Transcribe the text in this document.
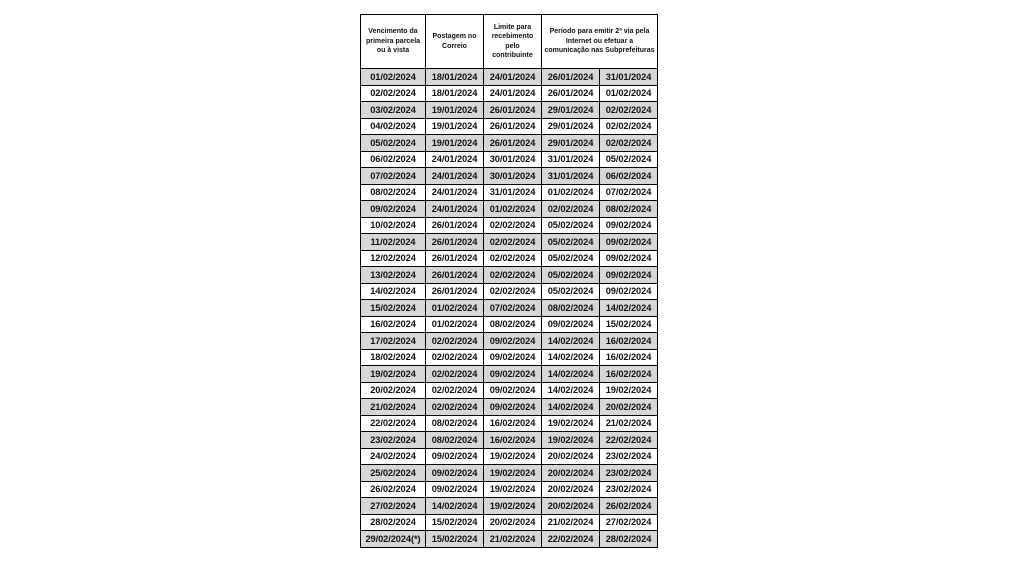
Vencimento da primeira parcela ou à vista	Postagem no Correio	Limite para recebimento pelo contribuinte	Período para emitir 2ª via pela Internet ou efetuar a comunicação nas Subprefeituras	

01/02/2024	18/01/2024	24/01/2024	26/01/2024	31/01/2024
02/02/2024	18/01/2024	24/01/2024	26/01/2024	01/02/2024
03/02/2024	19/01/2024	26/01/2024	29/01/2024	02/02/2024
04/02/2024	19/01/2024	26/01/2024	29/01/2024	02/02/2024
05/02/2024	19/01/2024	26/01/2024	29/01/2024	02/02/2024
06/02/2024	24/01/2024	30/01/2024	31/01/2024	05/02/2024
07/02/2024	24/01/2024	30/01/2024	31/01/2024	06/02/2024
08/02/2024	24/01/2024	31/01/2024	01/02/2024	07/02/2024
09/02/2024	24/01/2024	01/02/2024	02/02/2024	08/02/2024
10/02/2024	26/01/2024	02/02/2024	05/02/2024	09/02/2024
11/02/2024	26/01/2024	02/02/2024	05/02/2024	09/02/2024
12/02/2024	26/01/2024	02/02/2024	05/02/2024	09/02/2024
13/02/2024	26/01/2024	02/02/2024	05/02/2024	09/02/2024
14/02/2024	26/01/2024	02/02/2024	05/02/2024	09/02/2024
15/02/2024	01/02/2024	07/02/2024	08/02/2024	14/02/2024
16/02/2024	01/02/2024	08/02/2024	09/02/2024	15/02/2024
17/02/2024	02/02/2024	09/02/2024	14/02/2024	16/02/2024
18/02/2024	02/02/2024	09/02/2024	14/02/2024	16/02/2024
19/02/2024	02/02/2024	09/02/2024	14/02/2024	16/02/2024
20/02/2024	02/02/2024	09/02/2024	14/02/2024	19/02/2024
21/02/2024	02/02/2024	09/02/2024	14/02/2024	20/02/2024
22/02/2024	08/02/2024	16/02/2024	19/02/2024	21/02/2024
23/02/2024	08/02/2024	16/02/2024	19/02/2024	22/02/2024
24/02/2024	09/02/2024	19/02/2024	20/02/2024	23/02/2024
25/02/2024	09/02/2024	19/02/2024	20/02/2024	23/02/2024
26/02/2024	09/02/2024	19/02/2024	20/02/2024	23/02/2024
27/02/2024	14/02/2024	19/02/2024	20/02/2024	26/02/2024
28/02/2024	15/02/2024	20/02/2024	21/02/2024	27/02/2024
29/02/2024(*)	15/02/2024	21/02/2024	22/02/2024	28/02/2024
